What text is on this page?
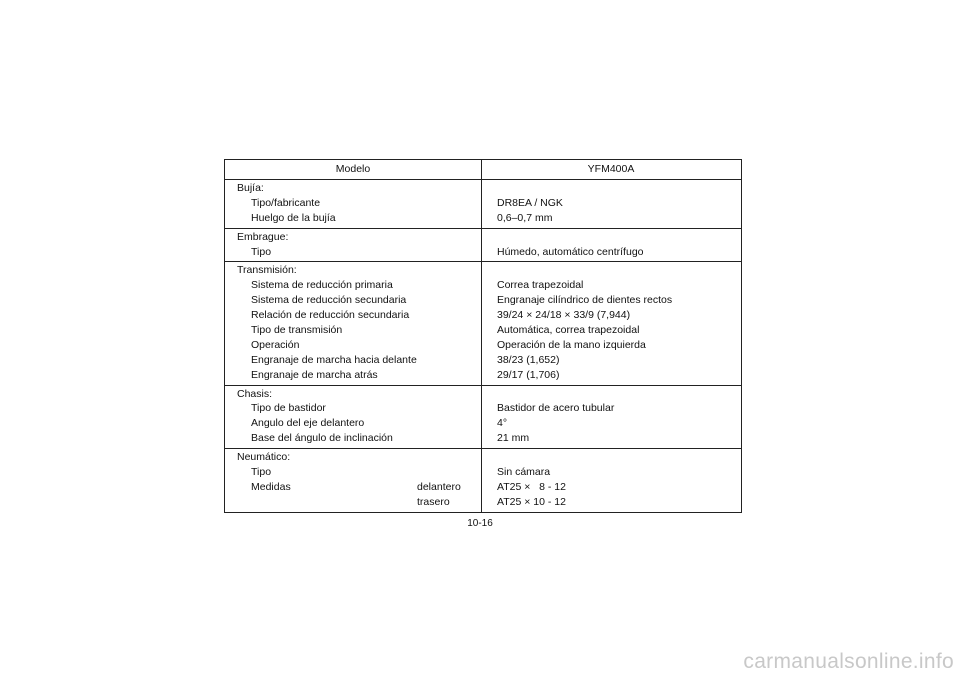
Modelo	YFM400A
Bujía:
Tipo/fabricante	DR8EA / NGK
Huelgo de la bujía	0,6–0,7 mm
Embrague:
Tipo	Húmedo, automático centrífugo
Transmisión:
Sistema de reducción primaria	Correa trapezoidal
Sistema de reducción secundaria	Engranaje cilíndrico de dientes rectos
Relación de reducción secundaria	39/24 × 24/18 × 33/9 (7,944)
Tipo de transmisión	Automática, correa trapezoidal
Operación	Operación de la mano izquierda
Engranaje de marcha hacia delante	38/23 (1,652)
Engranaje de marcha atrás	29/17 (1,706)
Chasis:
Tipo de bastidor	Bastidor de acero tubular
Angulo del eje delantero	4°
Base del ángulo de inclinación	21 mm
Neumático:
Tipo	Sin cámara
Medidas	delantero	AT25 ×   8 - 12
trasero	AT25 × 10 - 12
10-16
carmanualsonline.info
